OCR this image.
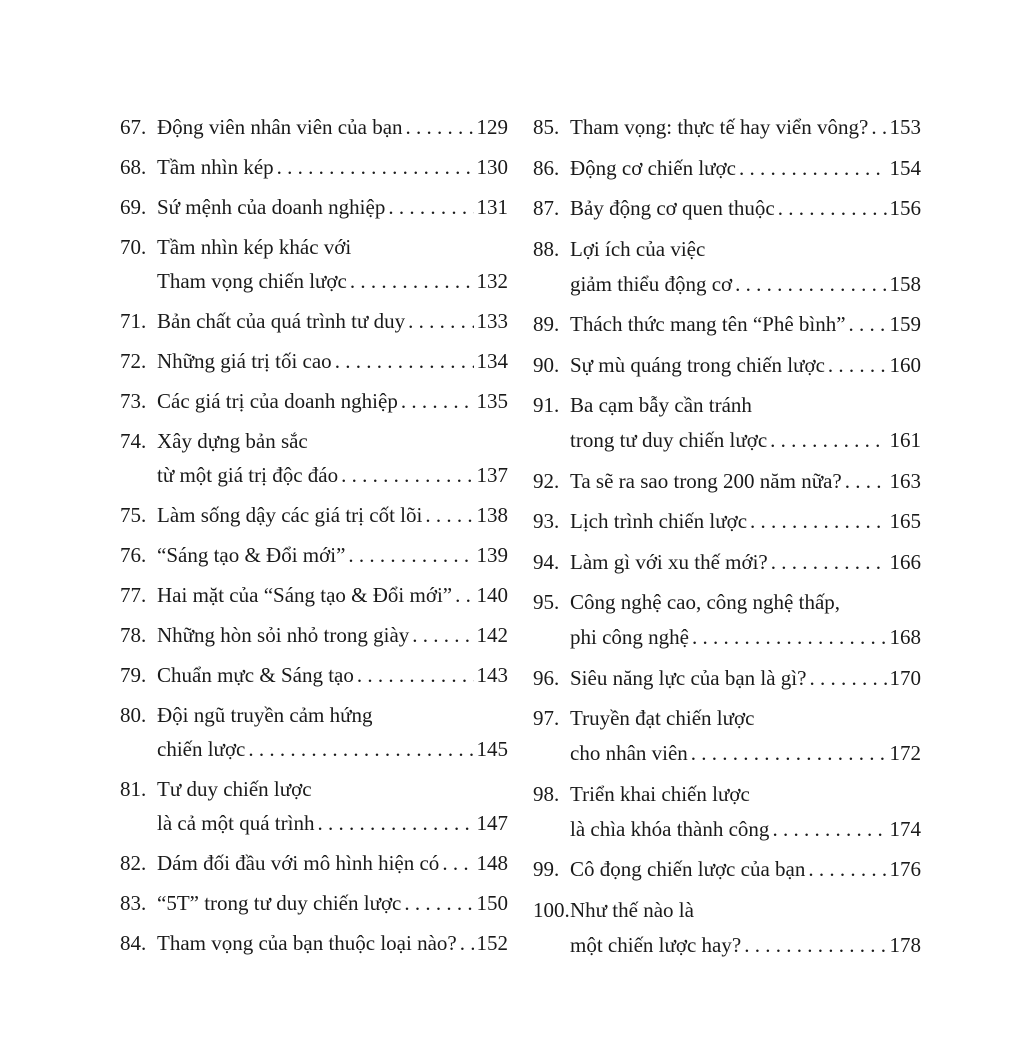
67. Động viên nhân viên của bạn . . .	129
68. Tầm nhìn kép . . .	130
69. Sứ mệnh của doanh nghiệp . . .	131
70. Tầm nhìn kép khác với
Tham vọng chiến lược . . .	132
71. Bản chất của quá trình tư duy . . .	133
72. Những giá trị tối cao . . .	134
73. Các giá trị của doanh nghiệp . . .	135
74. Xây dựng bản sắc
từ một giá trị độc đáo . . .	137
75. Làm sống dậy các giá trị cốt lõi . . .	138
76. “Sáng tạo & Đổi mới” . . .	139
77. Hai mặt của “Sáng tạo & Đổi mới” . . . 140
78. Những hòn sỏi nhỏ trong giày . . .	142
79. Chuẩn mực & Sáng tạo . . .	143
80. Đội ngũ truyền cảm hứng
chiến lược . . .	145
81. Tư duy chiến lược
là cả một quá trình . . .	147
82. Dám đối đầu với mô hình hiện có . . . 148
83. “5T” trong tư duy chiến lược . . .	150
84. Tham vọng của bạn thuộc loại nào? . . . 152
85. Tham vọng: thực tế hay viển vông? . . . 153
86. Động cơ chiến lược . . .	154
87. Bảy động cơ quen thuộc . . .	156
88. Lợi ích của việc
giảm thiểu động cơ . . .	158
89. Thách thức mang tên “Phê bình” . . . 159
90. Sự mù quáng trong chiến lược . . .	160
91. Ba cạm bẫy cần tránh
trong tư duy chiến lược . . .	161
92. Ta sẽ ra sao trong 200 năm nữa? . . . 163
93. Lịch trình chiến lược . . .	165
94. Làm gì với xu thế mới? . . .	166
95. Công nghệ cao, công nghệ thấp,
phi công nghệ . . .	168
96. Siêu năng lực của bạn là gì? . . .	170
97. Truyền đạt chiến lược
cho nhân viên . . .	172
98. Triển khai chiến lược
là chìa khóa thành công . . .	174
99. Cô đọng chiến lược của bạn . . .	176
100. Như thế nào là
một chiến lược hay? . . .	178
